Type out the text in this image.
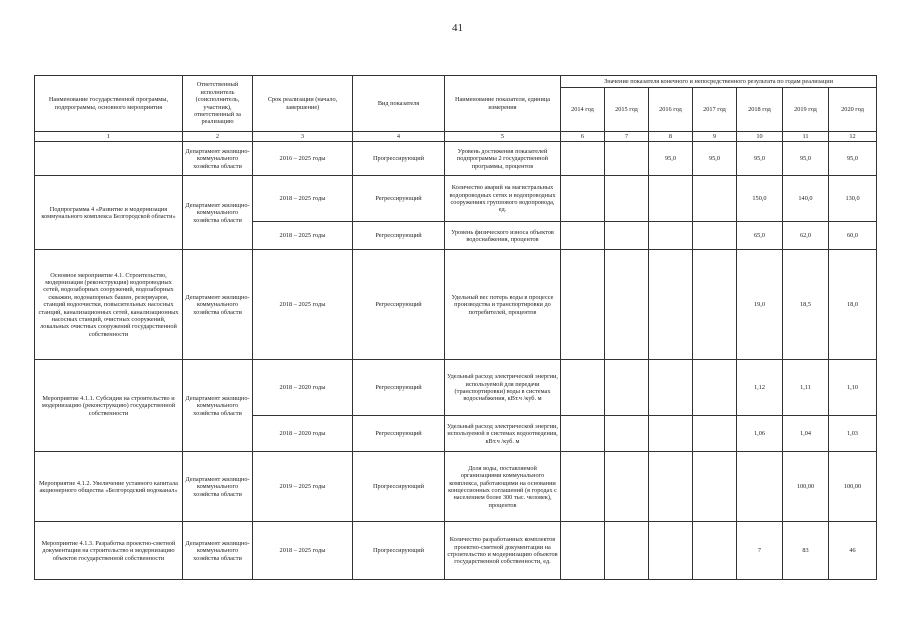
41
Наименование государственной программы, подпрограммы, основного мероприятия	Ответственный исполнитель (соисполнитель, участник), ответственный за реализацию	Срок реализации (начало, завершение)	Вид показателя	Наименование показателя, единица измерения	Значение показателя конечного и непосредственного результата по годам реализации						
					2014 год	2015 год	2016 год	2017 год	2018 год	2019 год	2020 год
1	2	3	4	5	6	7	8	9	10	11	12
	Департамент жилищно-коммунального хозяйства области	2016 – 2025 годы	Прогрессирующий	Уровень достижения показателей подпрограммы 2 государственной программы, процентов			95,0	95,0	95,0	95,0	95,0
Подпрограмма 4 «Развитие и модернизация коммунального комплекса Белгородской области»	Департамент жилищно-коммунального хозяйства области	2018 – 2025 годы	Регрессирующий	Количество аварий на магистральных водопроводных сетях и водопроводных сооружениях группового водопровода, ед.					150,0	140,0	130,0
		2018 – 2025 годы	Регрессирующий	Уровень физического износа объектов водоснабжения, процентов					65,0	62,0	60,0
Основное мероприятие 4.1. Строительство, модернизация (реконструкция) водопроводных сетей, водозаборных сооружений, водозаборных скважин, водонапорных башен, резервуаров, станций водоочистки, повысительных насосных станций, канализационных сетей, канализационных насосных станций, очистных сооружений, локальных очистных сооружений государственной собственности	Департамент жилищно-коммунального хозяйства области	2018 – 2025 годы	Регрессирующий	Удельный вес потерь воды в процессе производства и транспортировки до потребителей, процентов					19,0	18,5	18,0
Мероприятие 4.1.1. Субсидия на строительство и модернизацию (реконструкцию) государственной собственности	Департамент жилищно-коммунального хозяйства области	2018 – 2020 годы	Регрессирующий	Удельный расход электрической энергии, используемой для передачи (транспортировки) воды в системах водоснабжения, кВт.ч /куб. м					1,12	1,11	1,10
		2018 – 2020 годы	Регрессирующий	Удельный расход электрической энергии, используемой в системах водоотведения, кВт.ч /куб. м					1,06	1,04	1,03
Мероприятие 4.1.2. Увеличение уставного капитала акционерного общества «Белгородский водоканал»	Департамент жилищно-коммунального хозяйства области	2019 – 2025 годы	Прогрессирующий	Доля воды, поставляемой организациями коммунального комплекса, работающими на основании концессионных соглашений (в городах с населением более 300 тыс. человек), процентов						100,00	100,00
Мероприятие 4.1.3. Разработка проектно-сметной документации на строительство и модернизацию объектов государственной собственности	Департамент жилищно-коммунального хозяйства области	2018 – 2025 годы	Прогрессирующий	Количество разработанных комплектов проектно-сметной документации на строительство и модернизацию объектов государственной собственности, ед.					7	83	46
